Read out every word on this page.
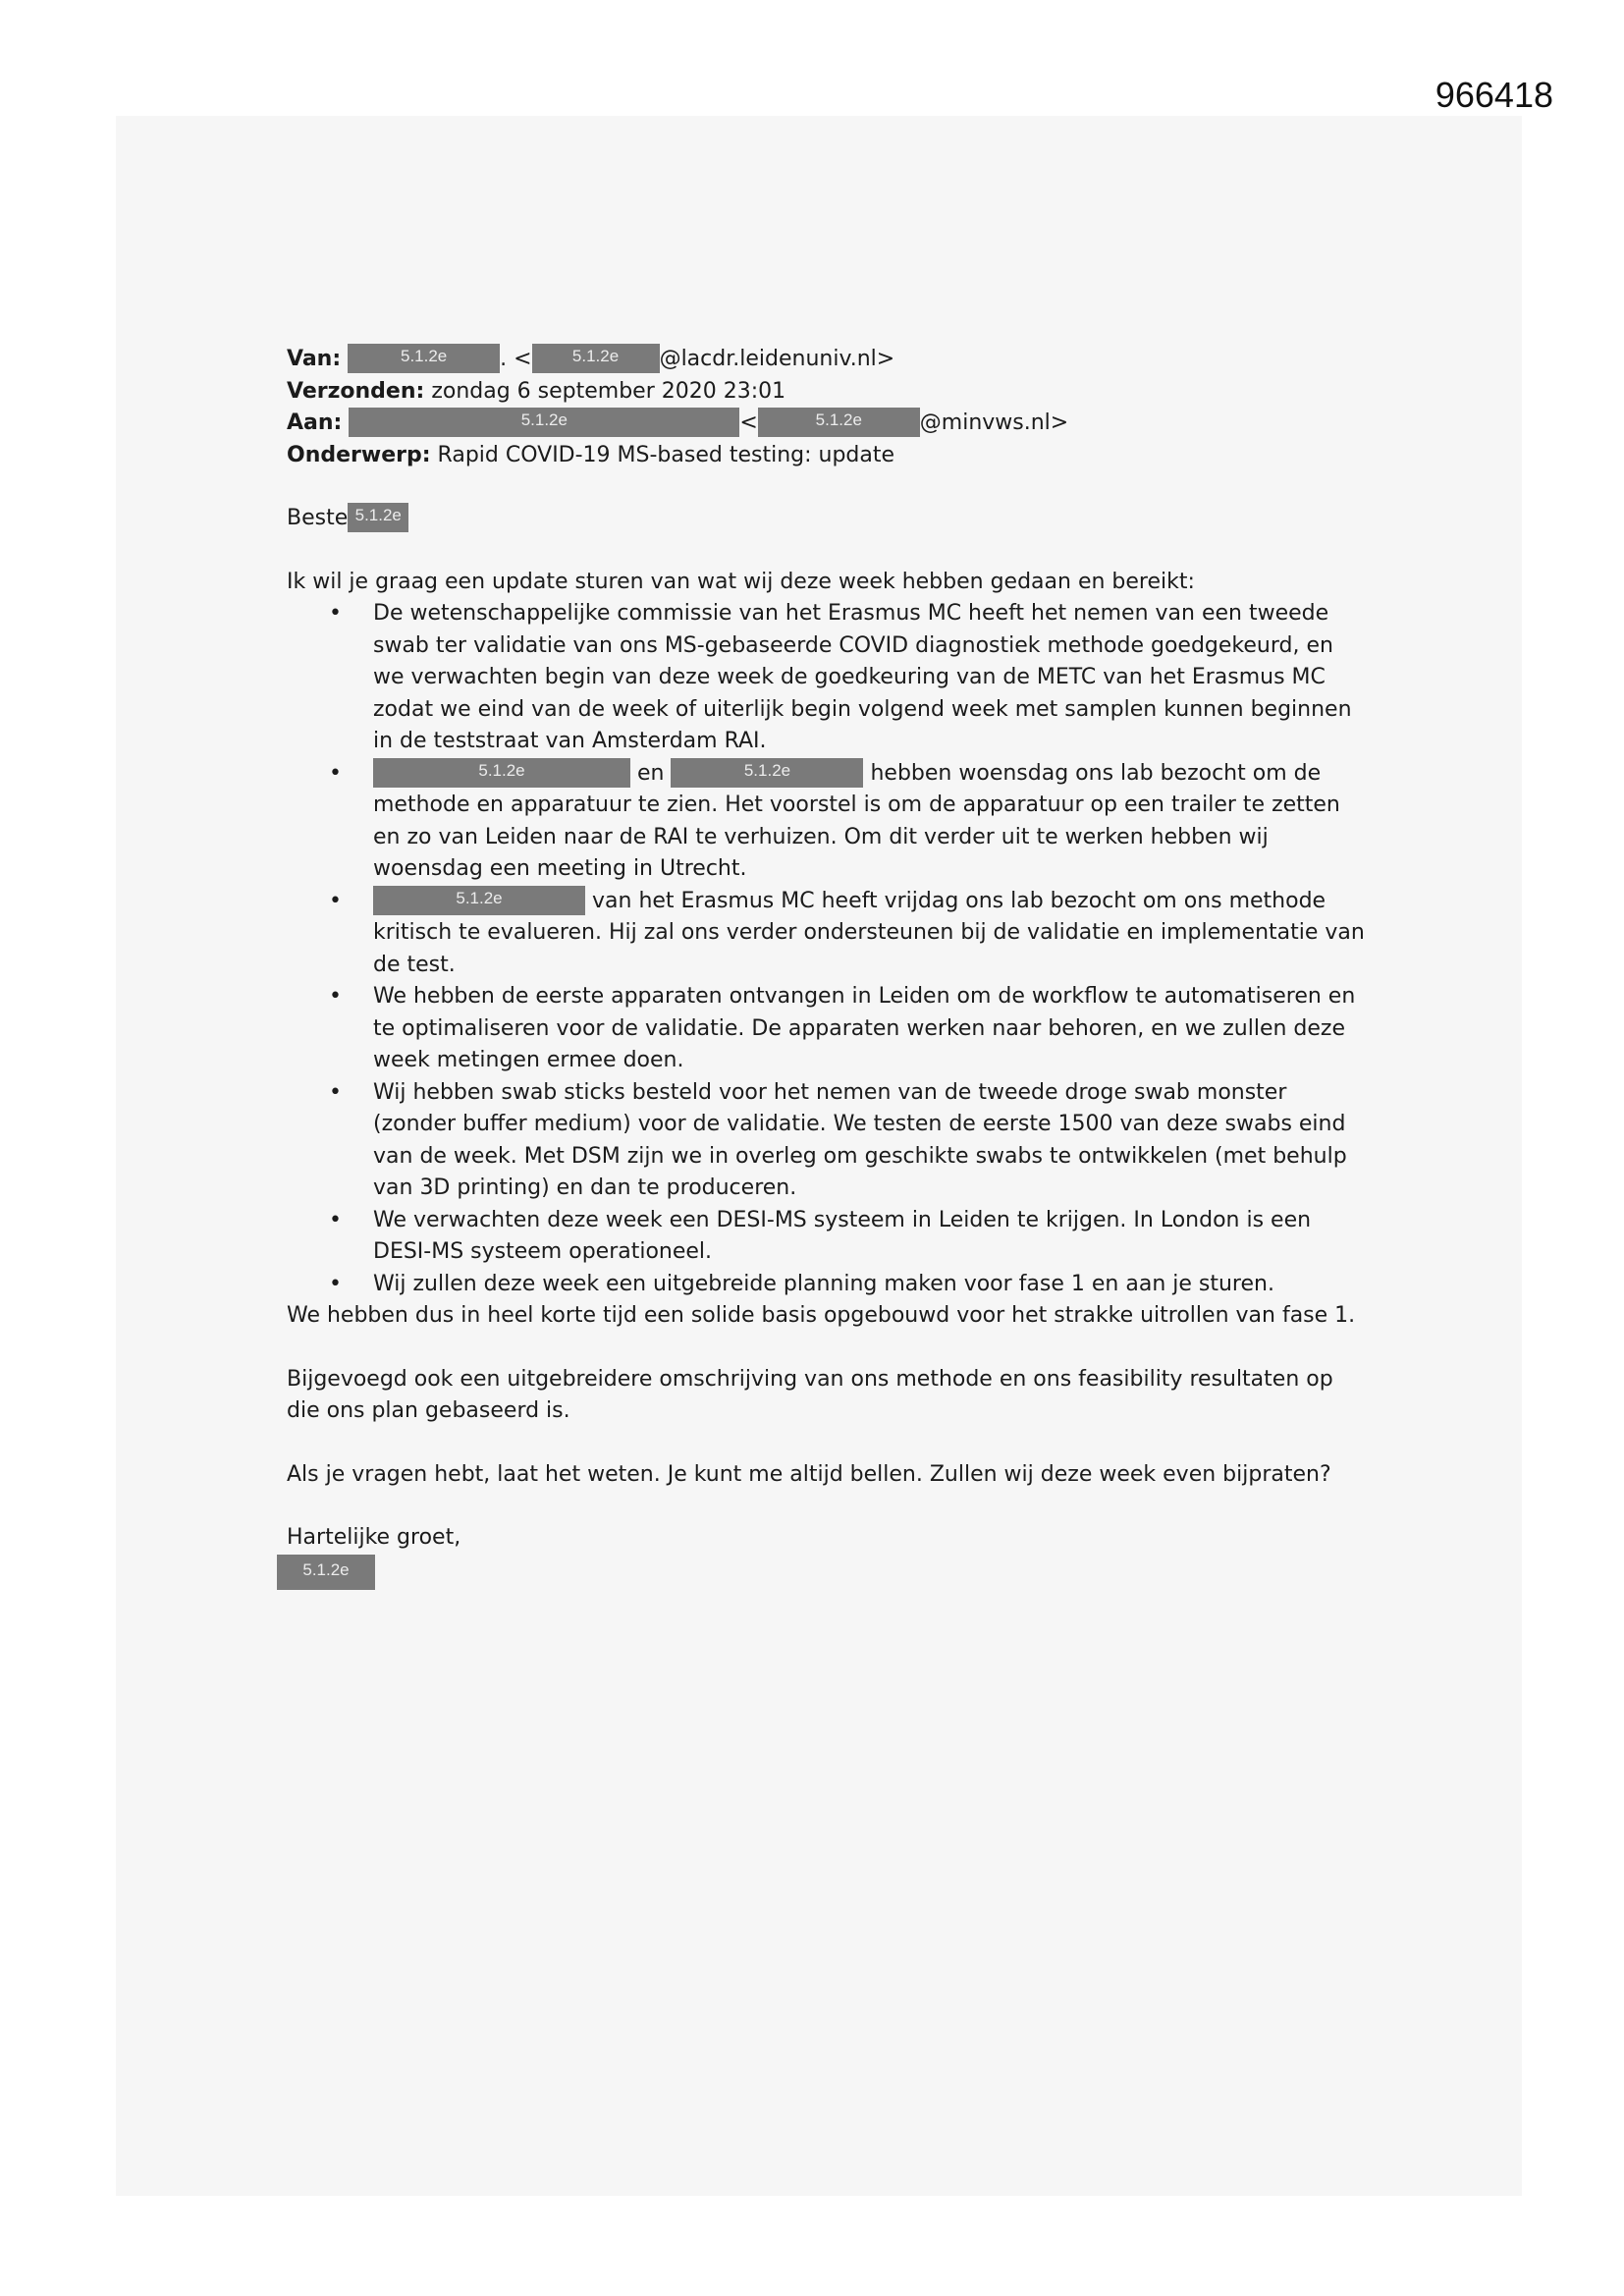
966418

Van:	5.1.2e . < 5.1.2e @lacdr.leidenuniv.nl>

Verzonden: zondag 6 september 2020 23:01

Aan:	5.1.2e	<	5.1.2e	@minvws.nl>

Onderwerp: Rapid COVID-19 MS-based testing: update

Beste 5.1.2e

Ik wil je graag een update sturen van wat wij deze week hebben gedaan en bereikt:

• De wetenschappelijke commissie van het Erasmus MC heeft het nemen van een tweede swab ter validatie van ons MS-gebaseerde COVID diagnostiek methode goedgekeurd, en we verwachten begin van deze week de goedkeuring van de METC van het Erasmus MC zodat we eind van de week of uiterlijk begin volgend week met samplen kunnen beginnen in de teststraat van Amsterdam RAI.
• 5.1.2e	en	5.1.2e	hebben woensdag ons lab bezocht om de methode en apparatuur te zien. Het voorstel is om de apparatuur op een trailer te zetten en zo van Leiden naar de RAI te verhuizen. Om dit verder uit te werken hebben wij woensdag een meeting in Utrecht.
• 5.1.2e	van het Erasmus MC heeft vrijdag ons lab bezocht om ons methode kritisch te evalueren. Hij zal ons verder ondersteunen bij de validatie en implementatie van de test.
• We hebben de eerste apparaten ontvangen in Leiden om de workflow te automatiseren en te optimaliseren voor de validatie. De apparaten werken naar behoren, en we zullen deze week metingen ermee doen.
• Wij hebben swab sticks besteld voor het nemen van de tweede droge swab monster (zonder buffer medium) voor de validatie. We testen de eerste 1500 van deze swabs eind van de week. Met DSM zijn we in overleg om geschikte swabs te ontwikkelen (met behulp van 3D printing) en dan te produceren.
• We verwachten deze week een DESI-MS systeem in Leiden te krijgen. In London is een DESI-MS systeem operationeel.
• Wij zullen deze week een uitgebreide planning maken voor fase 1 en aan je sturen.

We hebben dus in heel korte tijd een solide basis opgebouwd voor het strakke uitrollen van fase 1.

Bijgevoegd ook een uitgebreidere omschrijving van ons methode en ons feasibility resultaten op die ons plan gebaseerd is.

Als je vragen hebt, laat het weten. Je kunt me altijd bellen. Zullen wij deze week even bijpraten?

Hartelijke groet,

5.1.2e
